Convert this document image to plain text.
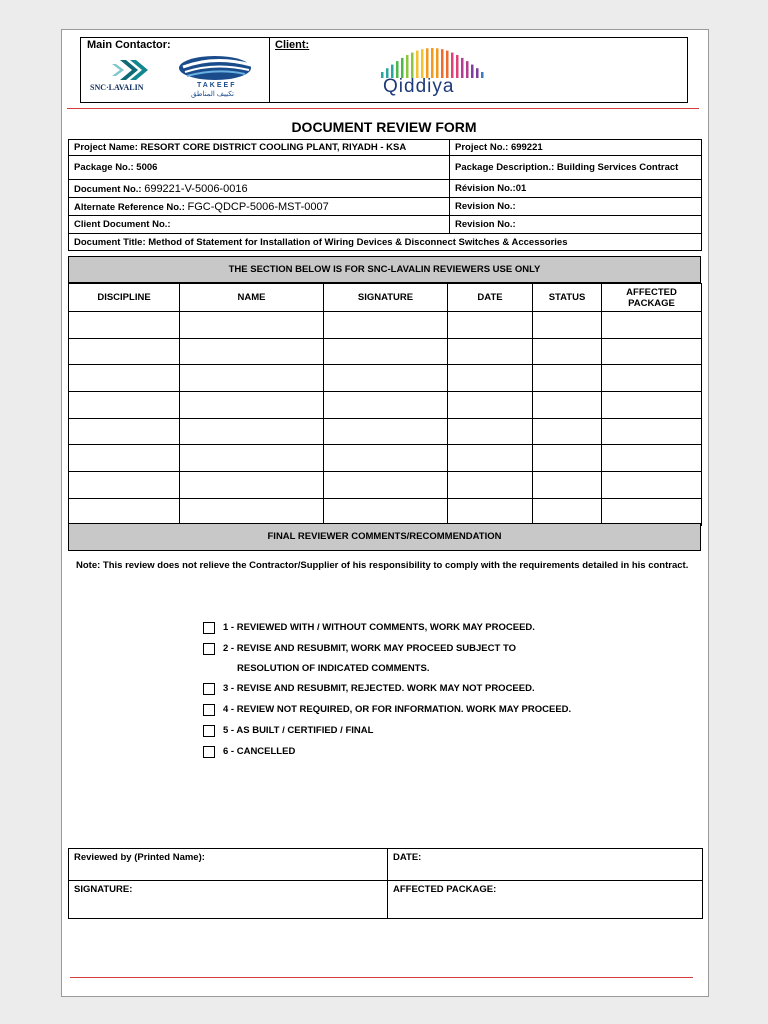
Main Contactor:	Client:
SNC·LAVALIN	TAKEEF
تكييف المناطق	Qiddiya
DOCUMENT REVIEW FORM
Project Name: RESORT CORE DISTRICT COOLING PLANT, RIYADH - KSA	Project No.: 699221
Package No.: 5006	Package Description.: Building Services Contract
Document No.: 699221-V-5006-0016	Révision No.:01
Alternate Reference No.: FGC-QDCP-5006-MST-0007	Revision No.:
Client Document No.:	Revision No.:
Document Title: Method of Statement for Installation of Wiring Devices & Disconnect Switches & Accessories	
THE SECTION BELOW IS FOR SNC-LAVALIN REVIEWERS USE ONLY
DISCIPLINE	NAME	SIGNATURE	DATE	STATUS	AFFECTED PACKAGE

FINAL REVIEWER COMMENTS/RECOMMENDATION
Note: This review does not relieve the Contractor/Supplier of his responsibility to comply with the requirements detailed in his contract.
1 - REVIEWED WITH / WITHOUT COMMENTS, WORK MAY PROCEED.
2 - REVISE AND RESUBMIT, WORK MAY PROCEED SUBJECT TO
RESOLUTION OF INDICATED COMMENTS.
3 - REVISE AND RESUBMIT, REJECTED. WORK MAY NOT PROCEED.
4 - REVIEW NOT REQUIRED, OR FOR INFORMATION. WORK MAY PROCEED.
5 - AS BUILT / CERTIFIED / FINAL
6 - CANCELLED
Reviewed by (Printed Name):	DATE:
SIGNATURE:	AFFECTED PACKAGE:
